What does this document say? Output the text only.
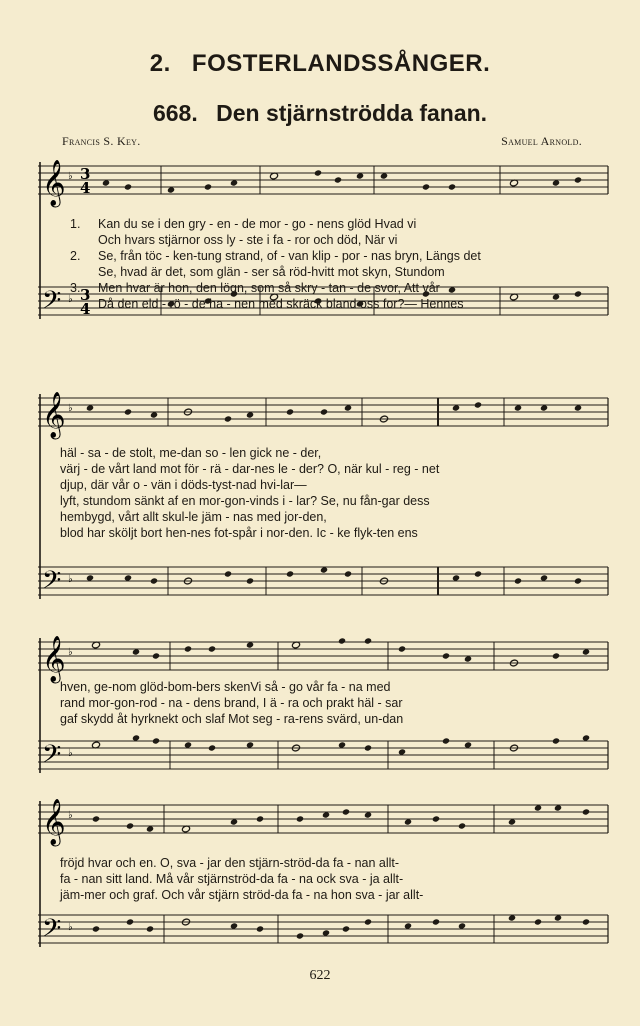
𝄞
𝄢
♭
♭
3
4
3
4
𝄞
𝄢
♭
♭
𝄞
𝄢
♭
♭
𝄞
𝄢
♭
♭
2. FOSTERLANDSSÅNGER.
668. Den stjärnströdda fanan.
Francis S. Key.	Samuel Arnold.
1. Kan du se i den gry - en - de mor - go - nens glöd Hvad vi
Och hvars stjärnor oss ly - ste i fa - ror och död, När vi
2. Se, från töc - ken-tung strand, of - van klip - por - nas bryn, Längs det
Se, hvad är det, som glän - ser så röd-hvitt mot skyn, Stundom
3. Men hvar är hon, den lögn, som så skry - tan - de svor, Att vår
Då den eld - rö - de ha - nen med skräck bland oss for?— Hennes
häl - sa - de stolt, me-dan so - len gick ne - der,
värj - de vårt land mot för - rä - dar-nes le - der? O, när kul - reg - net
djup, där vår o - vän i döds-tyst-nad hvi-lar—
lyft, stundom sänkt af en mor-gon-vinds i - lar? Se, nu fån-gar dess
hembygd, vårt allt skul-le jäm - nas med jor-den,
blod har sköljt bort hen-nes fot-spår i nor-den. Ic - ke flyk-ten ens
hven, ge-nom glöd-bom-bers skenVi så - go vår fa - na med
rand mor-gon-rod - na - dens brand, I ä - ra och prakt häl - sar
gaf skydd åt hyrknekt och slaf Mot seg - ra-rens svärd, un-dan
fröjd hvar och en. O, sva - jar den stjärn-ströd-da fa - nan allt-
fa - nan sitt land. Må vår stjärnströd-da fa - na ock sva - ja allt-
jäm-mer och graf. Och vår stjärn ströd-da fa - na hon sva - jar allt-
622
